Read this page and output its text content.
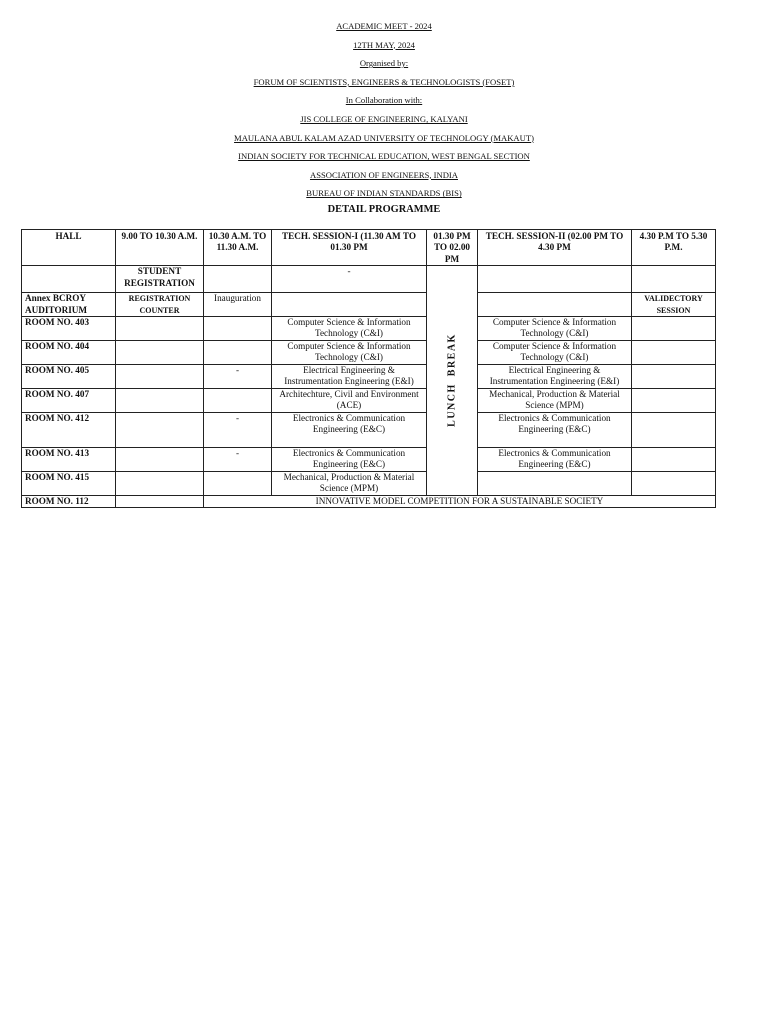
ACADEMIC MEET - 2024
12TH MAY, 2024
Organised by:
FORUM OF SCIENTISTS, ENGINEERS & TECHNOLOGISTS (FOSET)
In Collaboration with:
JIS COLLEGE OF ENGINEERING, KALYANI
MAULANA ABUL KALAM AZAD UNIVERSITY OF TECHNOLOGY (MAKAUT)
INDIAN SOCIETY FOR TECHNICAL EDUCATION, WEST BENGAL SECTION
ASSOCIATION OF ENGINEERS, INDIA
BUREAU OF INDIAN STANDARDS (BIS)
DETAIL PROGRAMME
HALL	9.00 TO 10.30 A.M.	10.30 A.M. TO 11.30 A.M.	TECH. SESSION-I (11.30 AM TO 01.30 PM	01.30 PM TO 02.00 PM	TECH. SESSION-II (02.00 PM TO 4.30 PM	4.30 P.M TO 5.30 P.M.
	STUDENT REGISTRATION		-	LUNCH BREAK		

Annex BCROY AUDITORIUM	REGISTRATION COUNTER	Inauguration				VALIDECTORY SESSION
ROOM NO. 403			Computer Science & Information Technology (C&I)		Computer Science & Information Technology (C&I)	
ROOM NO. 404			Computer Science & Information Technology (C&I)		Computer Science & Information Technology (C&I)	
ROOM NO. 405		-	Electrical Engineering & Instrumentation Engineering (E&I)		Electrical Engineering & Instrumentation Engineering (E&I)	
ROOM NO. 407			Architechture, Civil and Environment (ACE)		Mechanical, Production & Material Science (MPM)	
ROOM NO. 412		-	Electronics & Communication Engineering (E&C)		Electronics & Communication Engineering (E&C)	
ROOM NO. 413		-	Electronics & Communication Engineering (E&C)		Electronics & Communication Engineering (E&C)	
ROOM NO. 415			Mechanical, Production & Material Science (MPM)			
ROOM NO. 112		INNOVATIVE MODEL COMPETITION FOR A SUSTAINABLE SOCIETY				
